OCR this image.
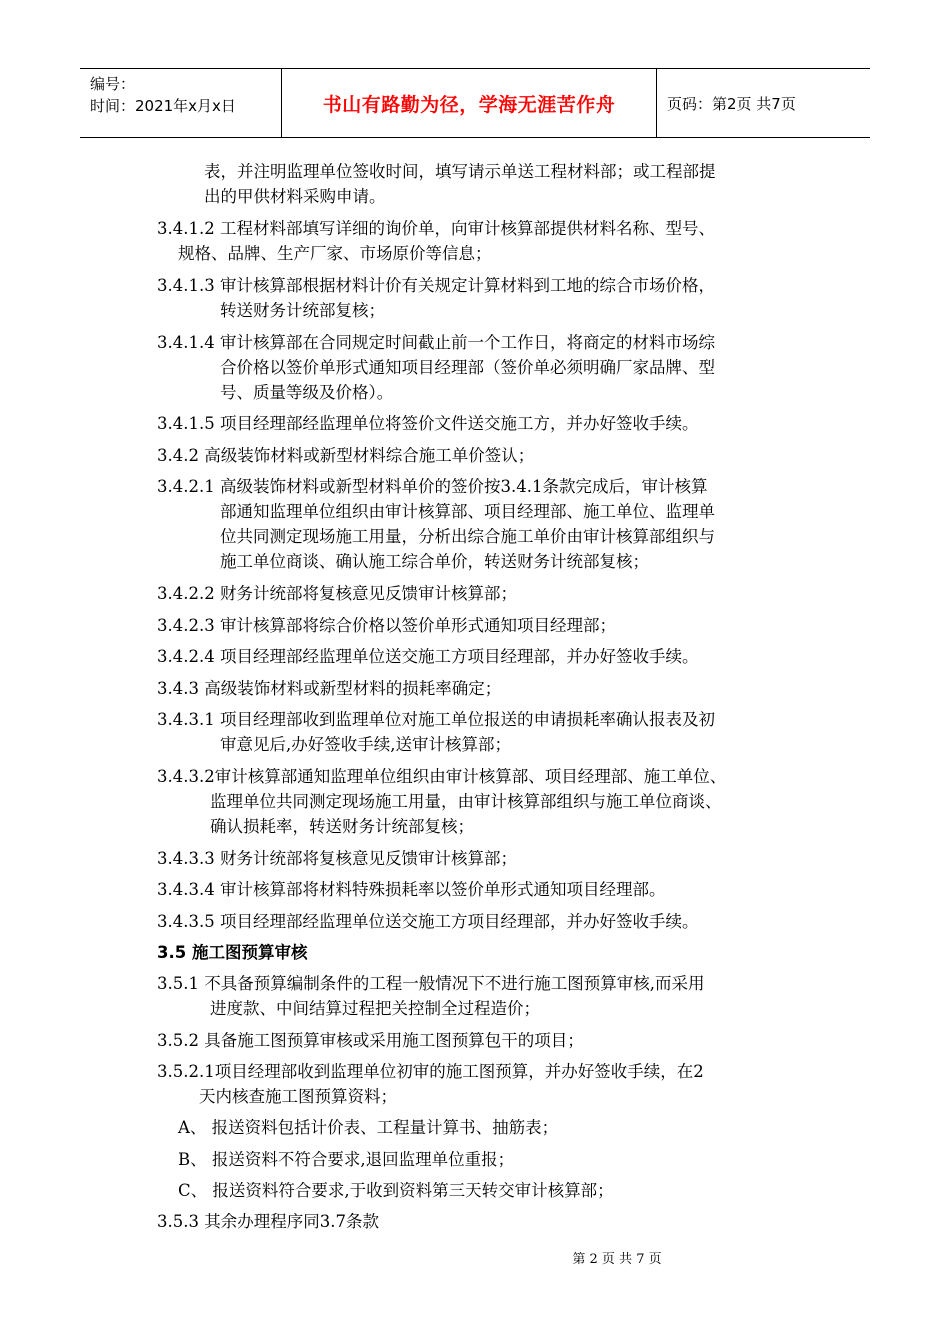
编号：
时间：2021年x月x日	书山有路勤为径，学海无涯苦作舟	页码：第2页 共7页
表，并注明监理单位签收时间，填写请示单送工程材料部；或工程部提
出的甲供材料采购申请。
3.4.1.2 工程材料部填写详细的询价单，向审计核算部提供材料名称、型号、
规格、品牌、生产厂家、市场原价等信息；
3.4.1.3 审计核算部根据材料计价有关规定计算材料到工地的综合市场价格，
转送财务计统部复核；
3.4.1.4 审计核算部在合同规定时间截止前一个工作日，将商定的材料市场综
合价格以签价单形式通知项目经理部（签价单必须明确厂家品牌、型
号、质量等级及价格）。
3.4.1.5 项目经理部经监理单位将签价文件送交施工方，并办好签收手续。
3.4.2 高级装饰材料或新型材料综合施工单价签认；
3.4.2.1 高级装饰材料或新型材料单价的签价按3.4.1条款完成后，审计核算
部通知监理单位组织由审计核算部、项目经理部、施工单位、监理单
位共同测定现场施工用量，分析出综合施工单价由审计核算部组织与
施工单位商谈、确认施工综合单价，转送财务计统部复核；
3.4.2.2 财务计统部将复核意见反馈审计核算部；
3.4.2.3 审计核算部将综合价格以签价单形式通知项目经理部；
3.4.2.4 项目经理部经监理单位送交施工方项目经理部，并办好签收手续。
3.4.3 高级装饰材料或新型材料的损耗率确定；
3.4.3.1 项目经理部收到监理单位对施工单位报送的申请损耗率确认报表及初
审意见后,办好签收手续,送审计核算部；
3.4.3.2审计核算部通知监理单位组织由审计核算部、项目经理部、施工单位、
监理单位共同测定现场施工用量，由审计核算部组织与施工单位商谈、
确认损耗率，转送财务计统部复核；
3.4.3.3 财务计统部将复核意见反馈审计核算部；
3.4.3.4 审计核算部将材料特殊损耗率以签价单形式通知项目经理部。
3.4.3.5 项目经理部经监理单位送交施工方项目经理部，并办好签收手续。
3.5 施工图预算审核
3.5.1 不具备预算编制条件的工程一般情况下不进行施工图预算审核,而采用
进度款、中间结算过程把关控制全过程造价；
3.5.2 具备施工图预算审核或采用施工图预算包干的项目；
3.5.2.1项目经理部收到监理单位初审的施工图预算，并办好签收手续，在2
天内核查施工图预算资料；
A、 报送资料包括计价表、工程量计算书、抽筋表；
B、 报送资料不符合要求,退回监理单位重报；
C、 报送资料符合要求,于收到资料第三天转交审计核算部；
3.5.3 其余办理程序同3.7条款
第 2 页 共 7 页
